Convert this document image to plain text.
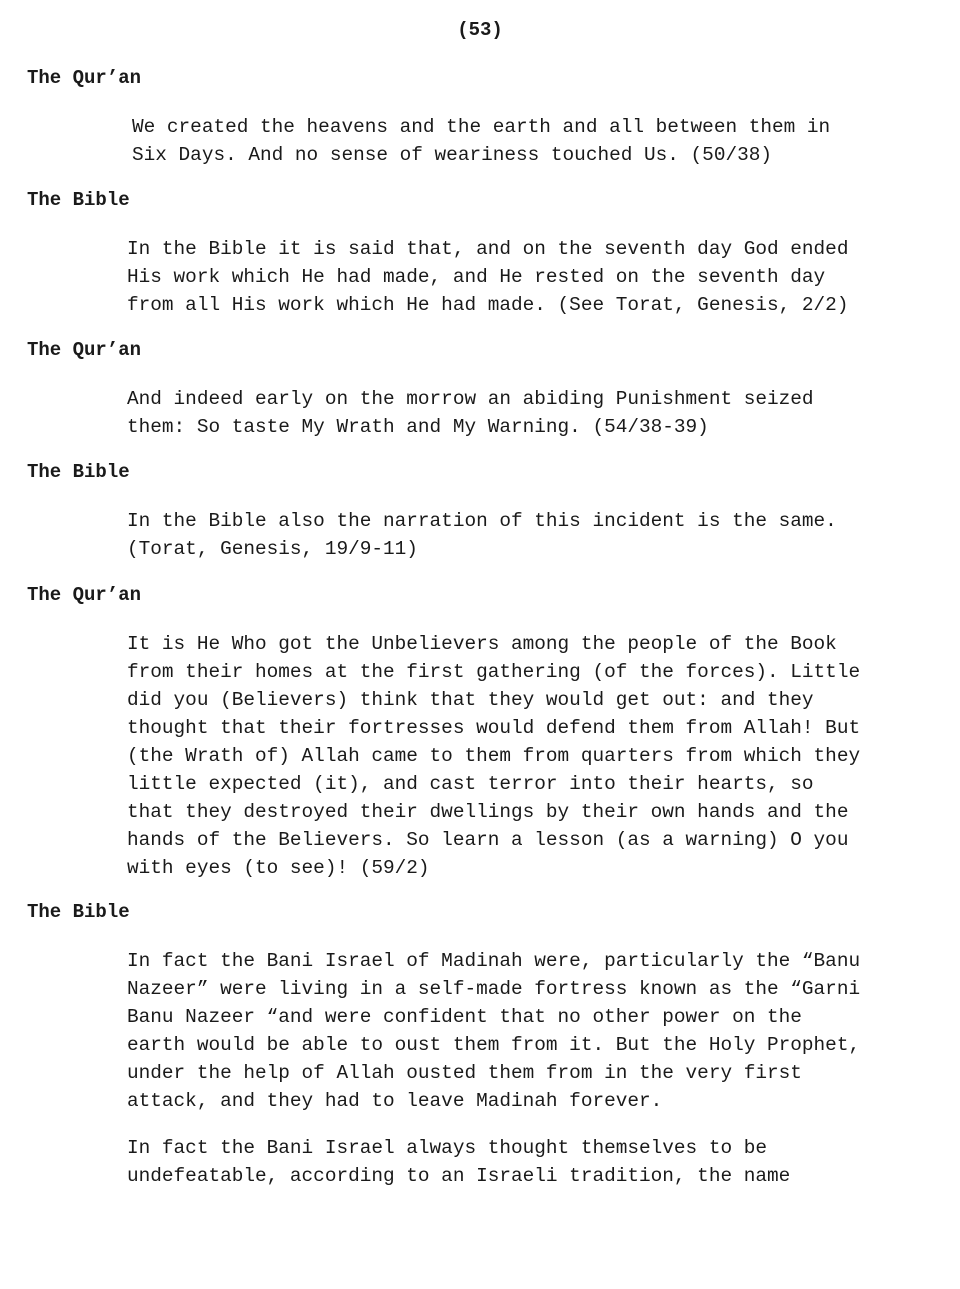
(53)
The Qur’an

We created the heavens and the earth and all between them in
Six Days. And no sense of weariness touched Us. (50/38)

The Bible

In the Bible it is said that, and on the seventh day God ended
His work which He had made, and He rested on the seventh day
from all His work which He had made. (See Torat, Genesis, 2/2)

The Qur’an

And indeed early on the morrow an abiding Punishment seized
them: So taste My Wrath and My Warning. (54/38-39)

The Bible

In the Bible also the narration of this incident is the same.
(Torat, Genesis, 19/9-11)

The Qur’an

It is He Who got the Unbelievers among the people of the Book
from their homes at the first gathering (of the forces). Little
did you (Believers) think that they would get out: and they
thought that their fortresses would defend them from Allah! But
(the Wrath of) Allah came to them from quarters from which they
little expected (it), and cast terror into their hearts, so
that they destroyed their dwellings by their own hands and the
hands of the Believers. So learn a lesson (as a warning) O you
with eyes (to see)! (59/2)

The Bible

In fact the Bani Israel of Madinah were, particularly the “Banu
Nazeer” were living in a self-made fortress known as the “Garni
Banu Nazeer “and were confident that no other power on the
earth would be able to oust them from it. But the Holy Prophet,
under the help of Allah ousted them from in the very first
attack, and they had to leave Madinah forever.

In fact the Bani Israel always thought themselves to be
undefeatable, according to an Israeli tradition, the name
